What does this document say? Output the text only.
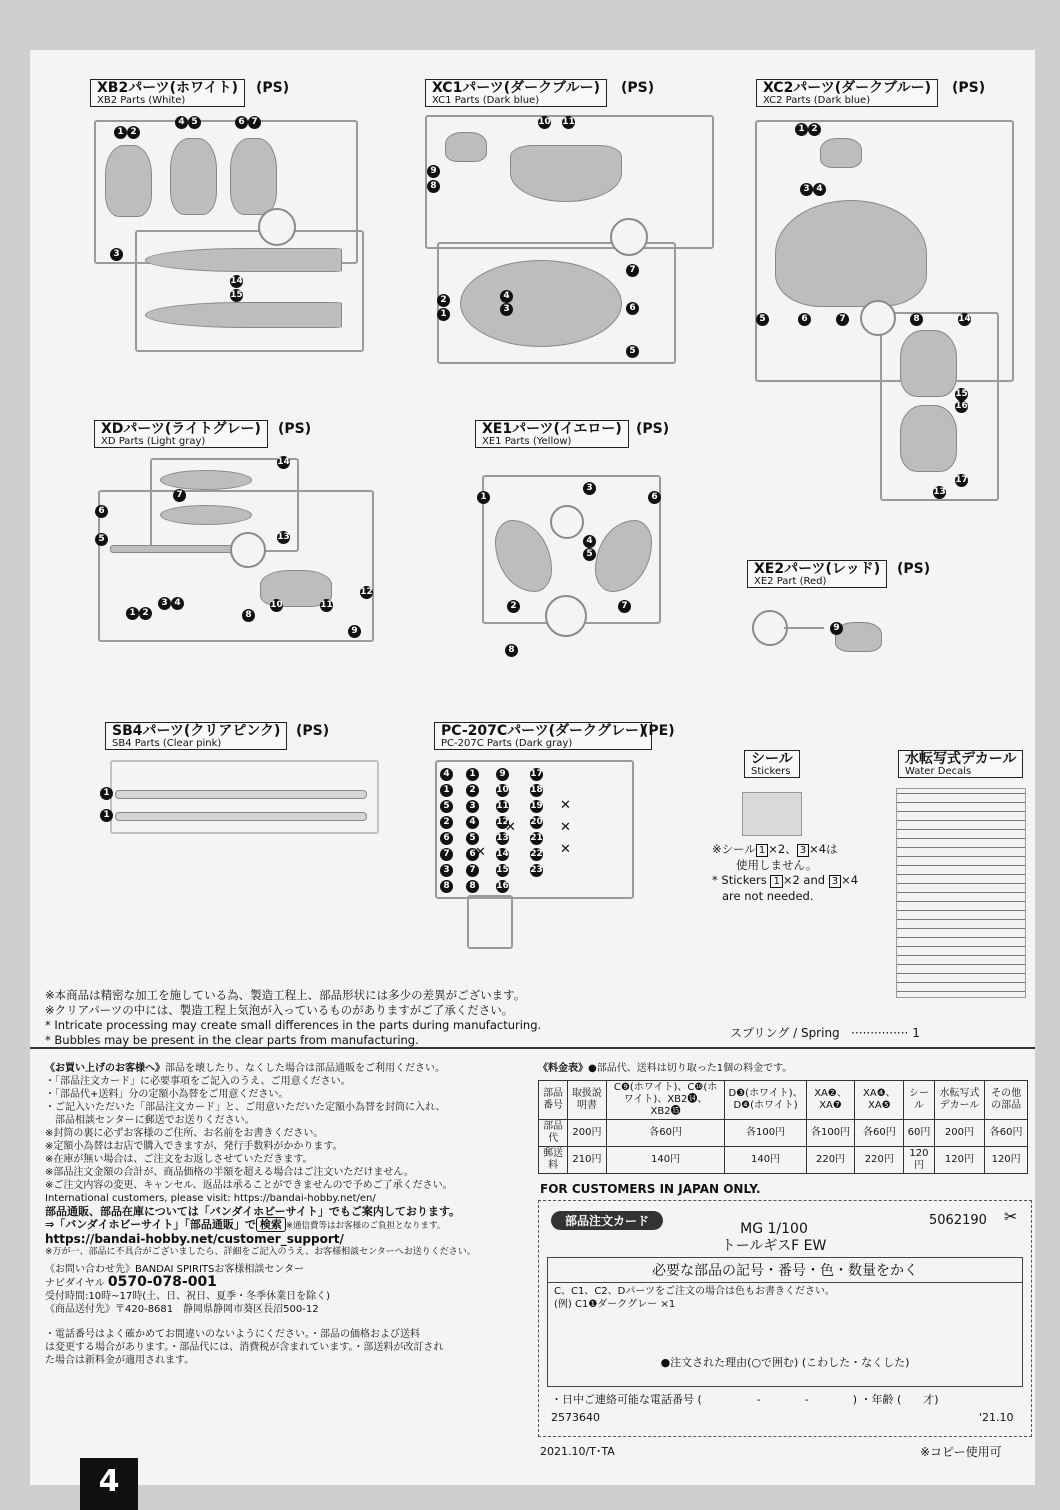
XB2パーツ(ホワイト)
XB2 Parts (White)
(PS)
1 2
4 5	6 7
3
14
15
XC1パーツ(ダークブルー)
XC1 Parts (Dark blue)
(PS)
9
8
10 11
7
2
1
4
3	6
5
XC2パーツ(ダークブルー)
XC2 Parts (Dark blue)
(PS)
1 2
3 4
5	6	7	8	14
15
16
13
17
XDパーツ(ライトグレー)
XD Parts (Light gray)
(PS)
14
7
6
5	13
1 2
3 4
8
10	11
12
9
XE1パーツ(イエロー)
XE1 Parts (Yellow)
(PS)
1
3
6
4
5
2	7
8
XE2パーツ(レッド)
XE2 Part (Red)
(PS)
9
SB4パーツ(クリアピンク)
SB4 Parts (Clear pink)
(PS)
1
1
PC-207Cパーツ(ダークグレー)
PC-207C Parts (Dark gray)
(PE)
4
1
5
2
6
7
3
8
1
2
3
4
5
6
7
8
9
10
11
12
13
14
15
16
17
18
19
20
21
22
23
✕
✕
✕
✕
✕
シール
Stickers
※シール 1 ×2、 3 ×4は
使用しません。
* Stickers 1 ×2 and 3 ×4
are not needed.
水転写式デカール
Water Decals
※本商品は精密な加工を施している為、製造工程上、部品形状には多少の差異がございます。
※クリアパーツの中には、製造工程上気泡が入っているものがありますがご了承ください。
* Intricate processing may create small differences in the parts during manufacturing.
* Bubbles may be present in the clear parts from manufacturing.	スプリング / Spring ··············· 1
《お買い上げのお客様へ》部品を壊したり、なくした場合は部品通販をご利用ください。
・「部品注文カード」に必要事項をご記入のうえ、ご用意ください。
・「部品代+送料」分の定額小為替をご用意ください。
・ご記入いただいた「部品注文カード」と、ご用意いただいた定額小為替を封筒に入れ、
　部品相談センターに郵送でお送りください。
※封筒の裏に必ずお客様のご住所、お名前をお書きください。
※定額小為替はお店で購入できますが、発行手数料がかかります。
※在庫が無い場合は、ご注文をお返しさせていただきます。
※部品注文金額の合計が、商品価格の半額を超える場合はご注文いただけません。
※ご注文内容の変更、キャンセル、返品は承ることができませんので予めご了承ください。
International customers, please visit: https://bandai-hobby.net/en/
部品通販、部品在庫については「バンダイホビーサイト」でもご案内しております。
⇒「バンダイホビーサイト」「部品通販」で 検索 ※通信費等はお客様のご負担となります。
https://bandai-hobby.net/customer_support/
※万が一、部品に不具合がございましたら、詳細をご記入のうえ、お客様相談センターへお送りください。
《お問い合わせ先》BANDAI SPIRITSお客様相談センター
ナビダイヤル 0570-078-001
受付時間:10時~17時(土、日、祝日、夏季・冬季休業日を除く)
《商品送付先》〒420-8681　静岡県静岡市葵区長沼500-12
・電話番号はよく確かめてお間違いのないようにください。・部品の価格および送料
は変更する場合があります。・部品代には、消費税が含まれています。・部送料が改訂され
た場合は新料金が適用されます。
《料金表》●部品代、送料は切り取った1個の料金です。
部品番号	取扱説明書	C❾(ホワイト)、C❿(ホワイト)、XB2⓮、XB2⓯	D❸(ホワイト)、D❹(ホワイト)	XA❷、XA❼	XA❹、XA❺	シール	水転写式デカール	その他の部品
部品代	200円	各60円	各100円	各100円	各60円	60円	200円	各60円
郵送料	210円	140円	140円	220円	220円	120円	120円	120円
FOR CUSTOMERS IN JAPAN ONLY.
部品注文カード	5062190 ✂
MG 1/100
トールギスF EW
必要な部品の記号・番号・色・数量をかく
C、C1、C2、Dパーツをご注文の場合は色もお書きください。
(例) C1❶ダークグレー ×1
●注文された理由(○で囲む) (こわした・なくした)
・日中ご連絡可能な電話番号 (　　　　　-　　　　-　　　　) ・年齢 (　　才)
2573640	'21.10
2021.10/T･TA	※コピー使用可
4
